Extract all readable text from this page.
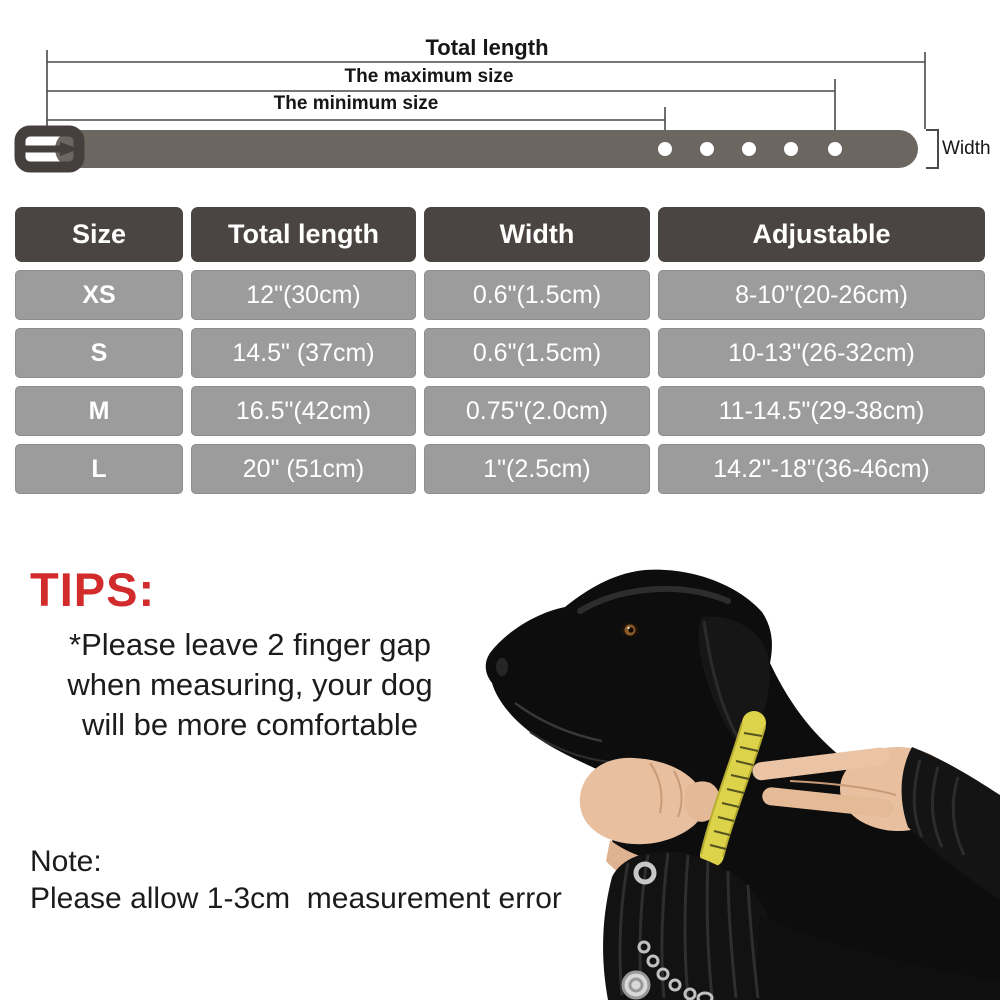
Total length
The maximum size
The minimum size
Width
Size	Total length	Width	Adjustable
XS	12"(30cm)	0.6"(1.5cm)	8-10"(20-26cm)
S	14.5" (37cm)	0.6"(1.5cm)	10-13"(26-32cm)
M	16.5"(42cm)	0.75"(2.0cm)	11-14.5"(29-38cm)
L	20" (51cm)	1"(2.5cm)	14.2"-18"(36-46cm)
TIPS:
*Please leave 2 finger gap
when measuring, your dog
will be more comfortable
Note:
Please allow 1-3cm  measurement error
